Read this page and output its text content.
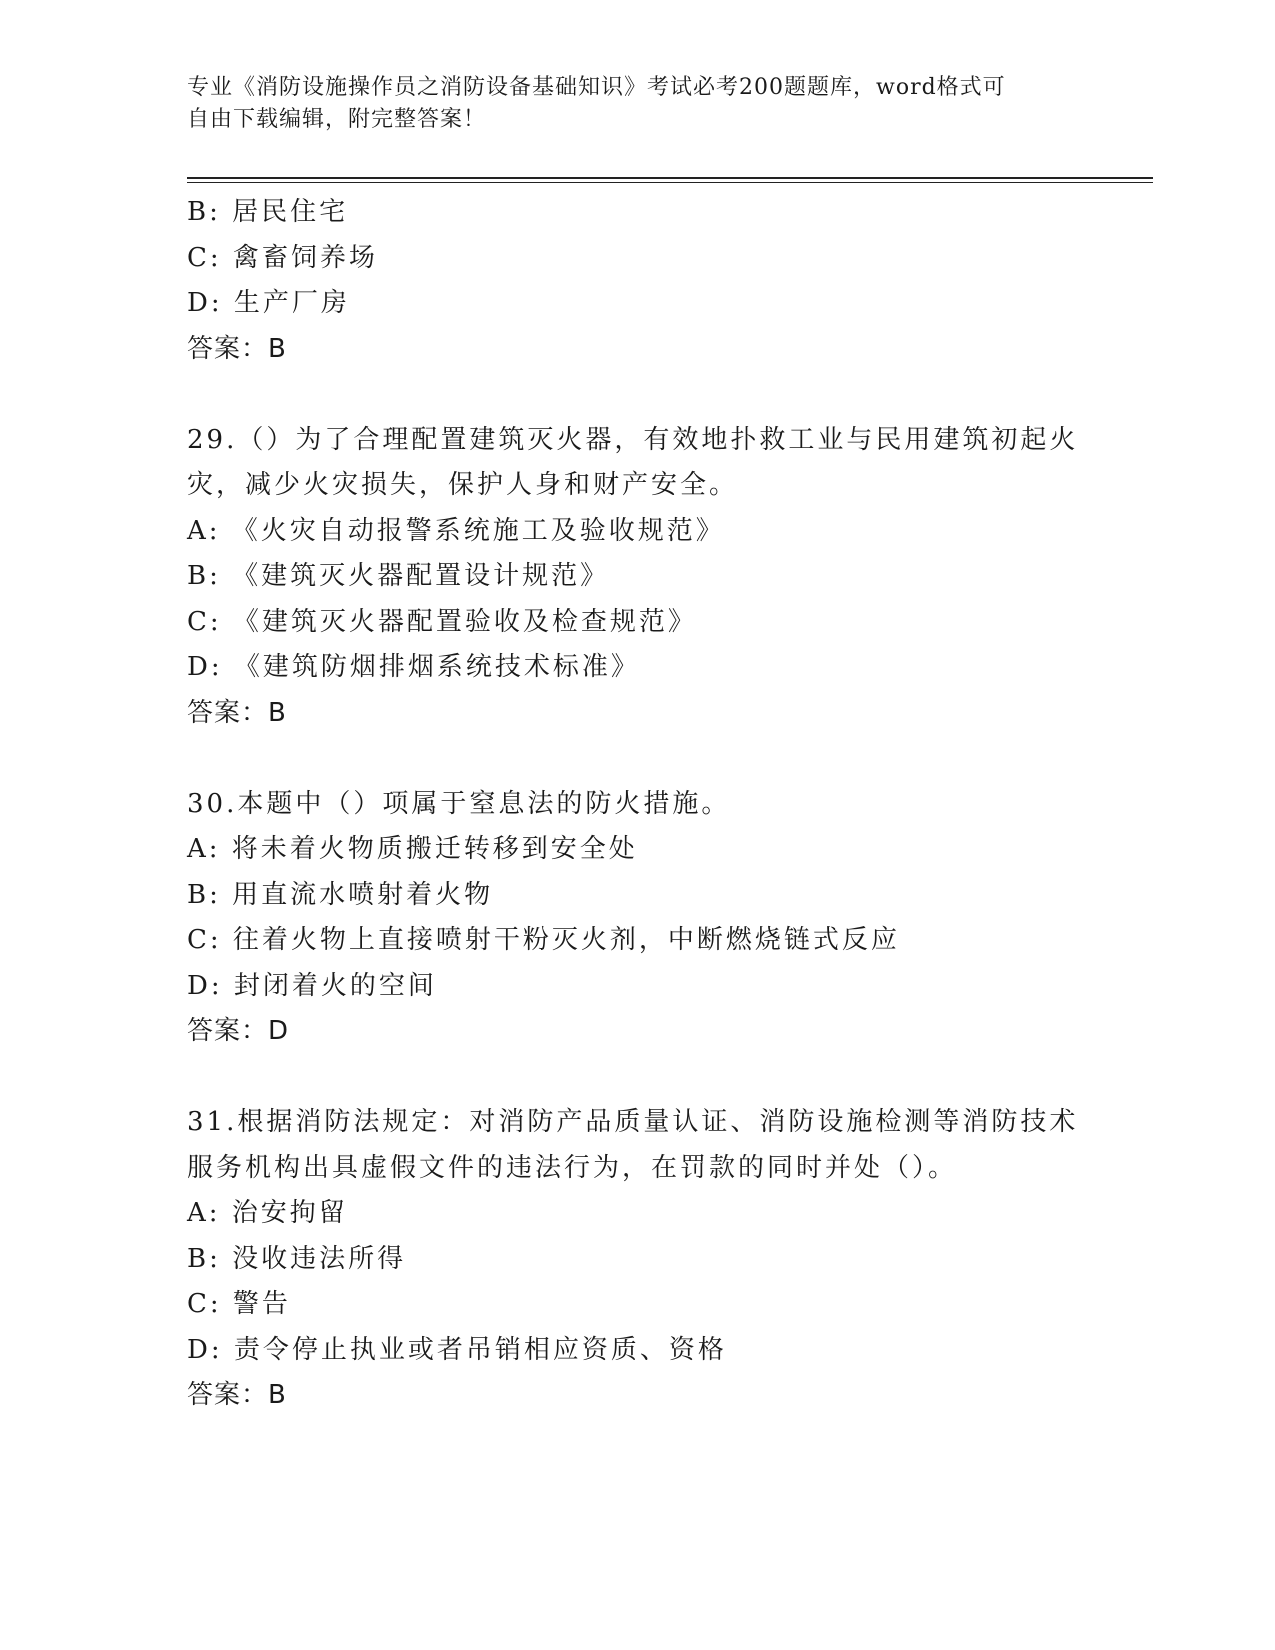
专业《消防设施操作员之消防设备基础知识》考试必考200题题库，word格式可
自由下载编辑，附完整答案！
B: 居民住宅
C: 禽畜饲养场
D: 生产厂房
答案：B
29.（）为了合理配置建筑灭火器，有效地扑救工业与民用建筑初起火
灾，减少火灾损失，保护人身和财产安全。
A: 《火灾自动报警系统施工及验收规范》
B: 《建筑灭火器配置设计规范》
C: 《建筑灭火器配置验收及检查规范》
D: 《建筑防烟排烟系统技术标准》
答案：B
30.本题中（）项属于窒息法的防火措施。
A: 将未着火物质搬迁转移到安全处
B: 用直流水喷射着火物
C: 往着火物上直接喷射干粉灭火剂，中断燃烧链式反应
D: 封闭着火的空间
答案：D
31.根据消防法规定：对消防产品质量认证、消防设施检测等消防技术
服务机构出具虚假文件的违法行为，在罚款的同时并处（）。
A: 治安拘留
B: 没收违法所得
C: 警告
D: 责令停止执业或者吊销相应资质、资格
答案：B
